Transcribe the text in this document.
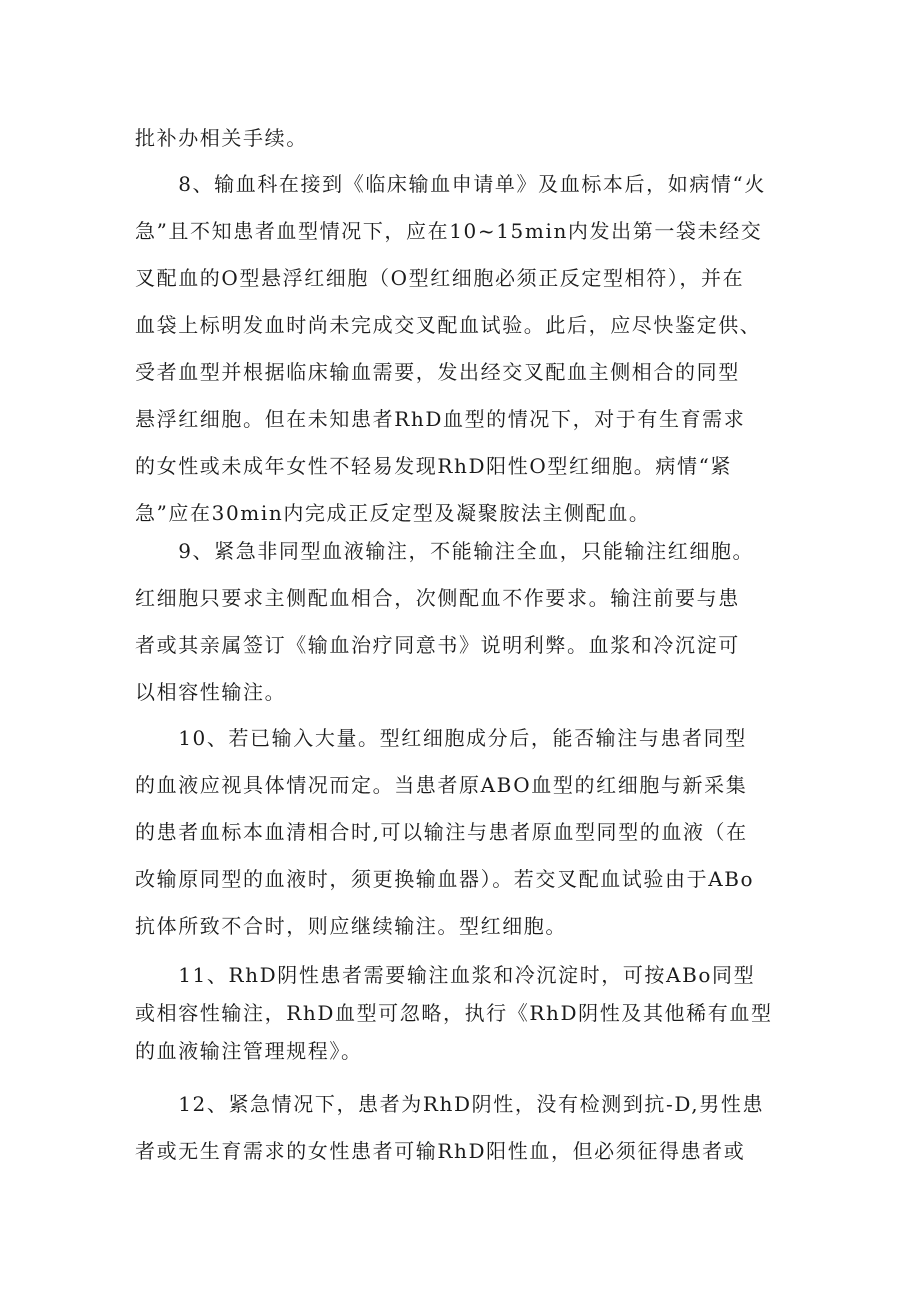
批补办相关手续。
　　8、输血科在接到《临床输血申请单》及血标本后，如病情“火
急”且不知患者血型情况下，应在10~15min内发出第一袋未经交
叉配血的O型悬浮红细胞（O型红细胞必须正反定型相符），并在
血袋上标明发血时尚未完成交叉配血试验。此后，应尽快鉴定供、
受者血型并根据临床输血需要，发出经交叉配血主侧相合的同型
悬浮红细胞。但在未知患者RhD血型的情况下，对于有生育需求
的女性或未成年女性不轻易发现RhD阳性O型红细胞。病情“紧
急”应在30min内完成正反定型及凝聚胺法主侧配血。
　　9、紧急非同型血液输注，不能输注全血，只能输注红细胞。
红细胞只要求主侧配血相合，次侧配血不作要求。输注前要与患
者或其亲属签订《输血治疗同意书》说明利弊。血浆和冷沉淀可
以相容性输注。
　　10、若已输入大量。型红细胞成分后，能否输注与患者同型
的血液应视具体情况而定。当患者原ABO血型的红细胞与新采集
的患者血标本血清相合时,可以输注与患者原血型同型的血液（在
改输原同型的血液时，须更换输血器）。若交叉配血试验由于ABo
抗体所致不合时，则应继续输注。型红细胞。
　　11、RhD阴性患者需要输注血浆和冷沉淀时，可按ABo同型
或相容性输注，RhD血型可忽略，执行《RhD阴性及其他稀有血型
的血液输注管理规程》。
　　12、紧急情况下，患者为RhD阴性，没有检测到抗-D,男性患
者或无生育需求的女性患者可输RhD阳性血，但必须征得患者或
